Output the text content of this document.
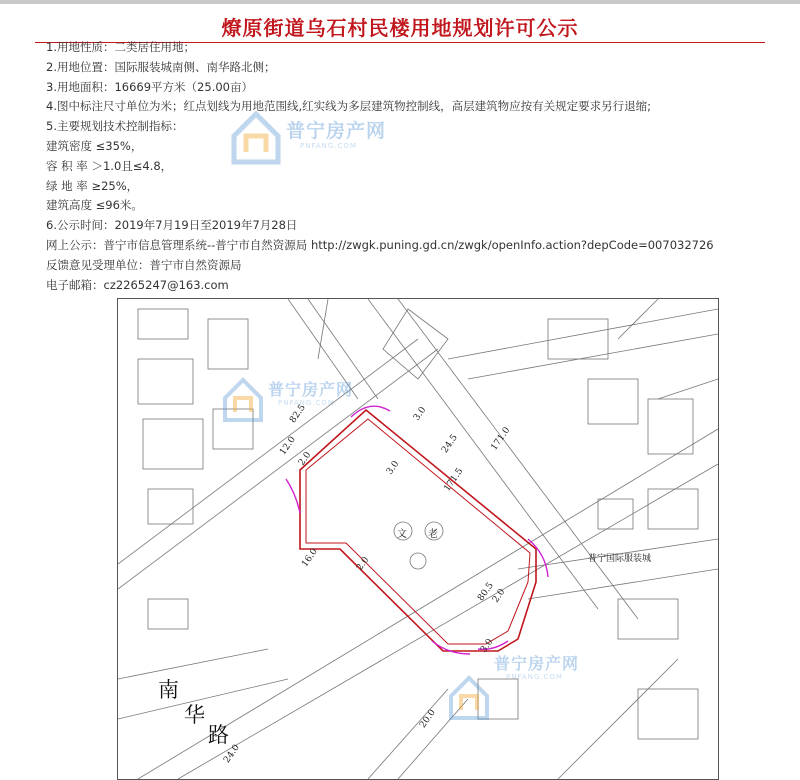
燎原街道乌石村民楼用地规划许可公示
1.用地性质：二类居住用地；
2.用地位置：国际服装城南侧、南华路北侧；
3.用地面积：16669平方米（25.00亩）
4.图中标注尺寸单位为米；红点划线为用地范围线,红实线为多层建筑物控制线，高层建筑物应按有关规定要求另行退缩;
5.主要规划技术控制指标：
建筑密度 ≤35%，
容 积 率 ＞1.0且≤4.8，
绿 地 率 ≥25%，
建筑高度 ≤96米。
6.公示时间：2019年7月19日至2019年7月28日
网上公示：普宁市信息管理系统--普宁市自然资源局 http://zwgk.puning.gd.cn/zwgk/openInfo.action?depCode=007032726
反馈意见受理单位：普宁市自然资源局
电子邮箱：cz2265247@163.com
普宁房产网
PNFANG.COM
82.5	3.0
171.0
12.0
2.0
24.5
3.0	171.5
16.0	2.0
80.5
2.0
3.0
20.0
24.0
文 老
普宁国际服装城
南
华
路
普宁房产网
PNFANG.COM
普宁房产网
PNFANG.COM
